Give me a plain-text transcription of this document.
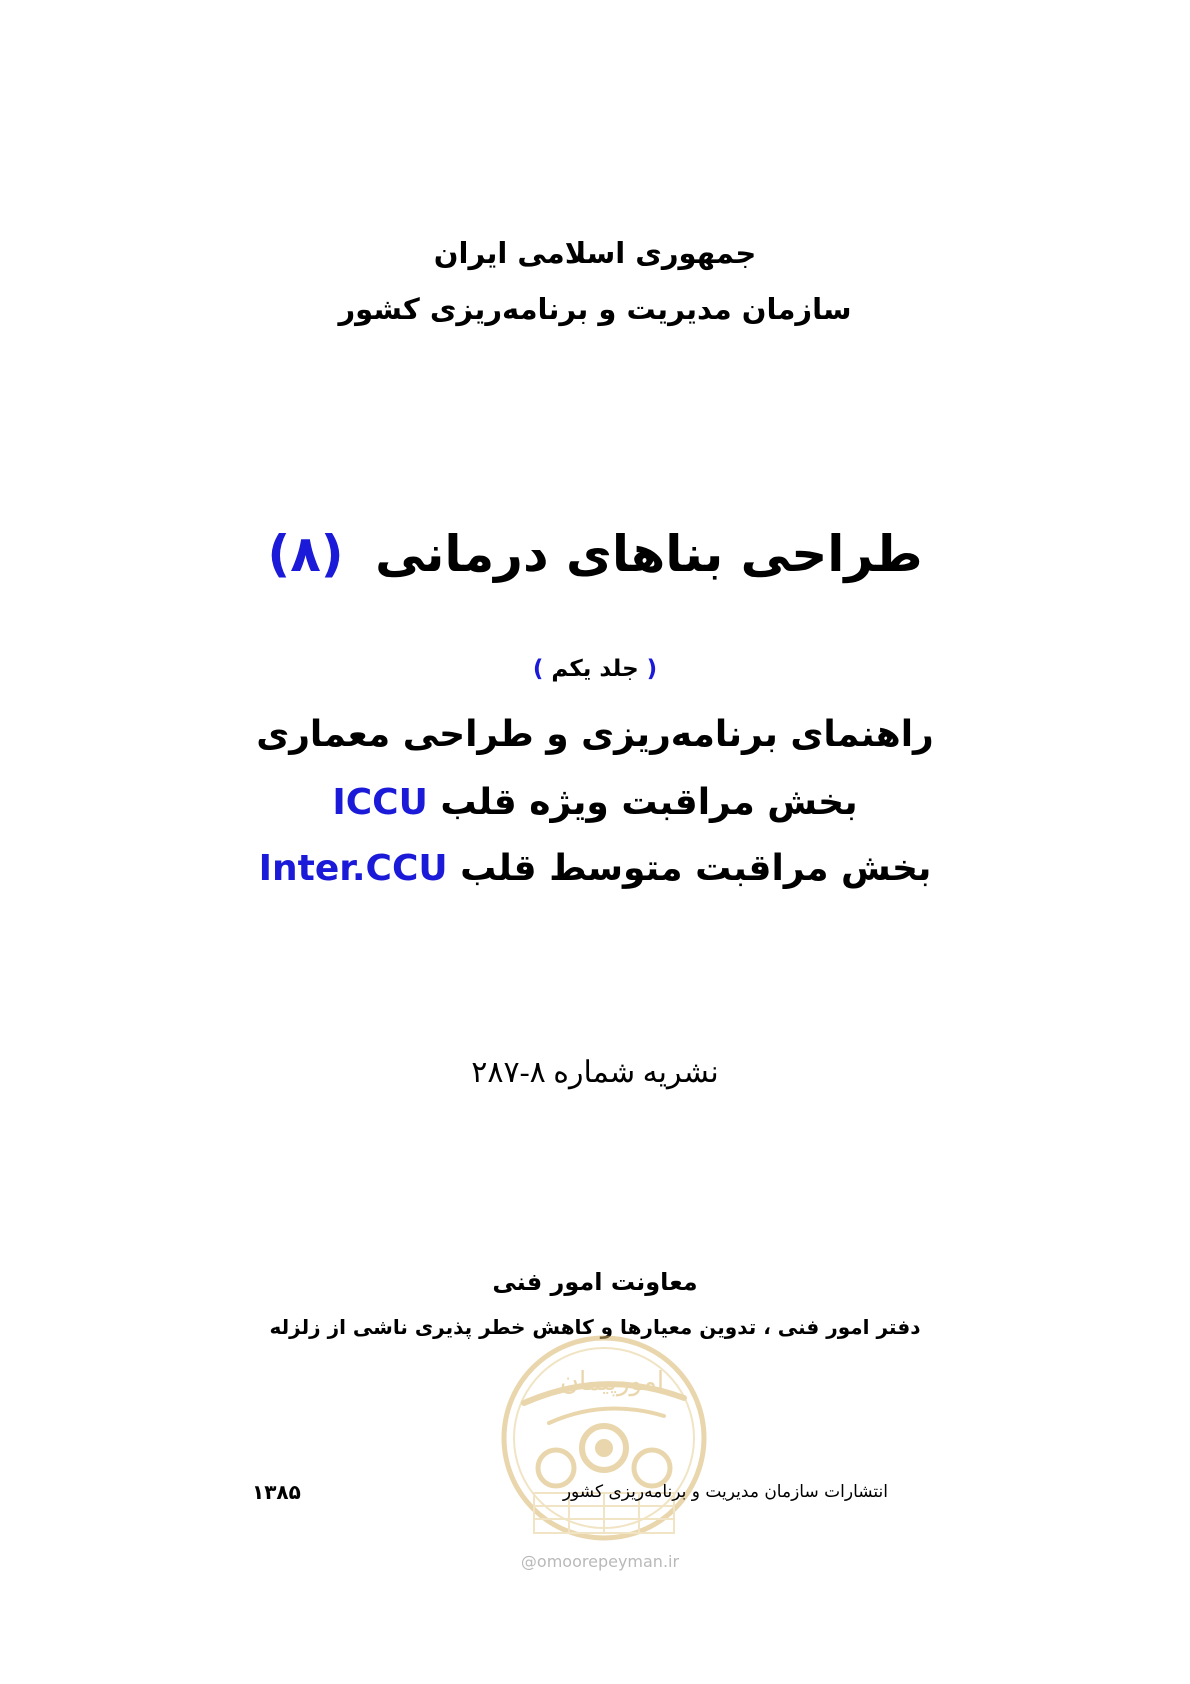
جمهوری اسلامی ایران
سازمان مدیریت و برنامه‌ریزی کشور
طراحی بناهای درمانی (۸)
( جلد یکم )
راهنمای برنامه‌ریزی و طراحی معماری
بخش مراقبت ویژه قلب ICCU
بخش مراقبت متوسط قلب Inter.CCU
نشریه شماره ۸-۲۸۷
معاونت امور فنی
دفتر امور فنی ، تدوین معیارها و کاهش خطر پذیری ناشی از زلزله
امورپیمان
انتشارات سازمان مدیریت و برنامه‌ریزی کشور
۱۳۸۵
@omoorepeyman.ir
